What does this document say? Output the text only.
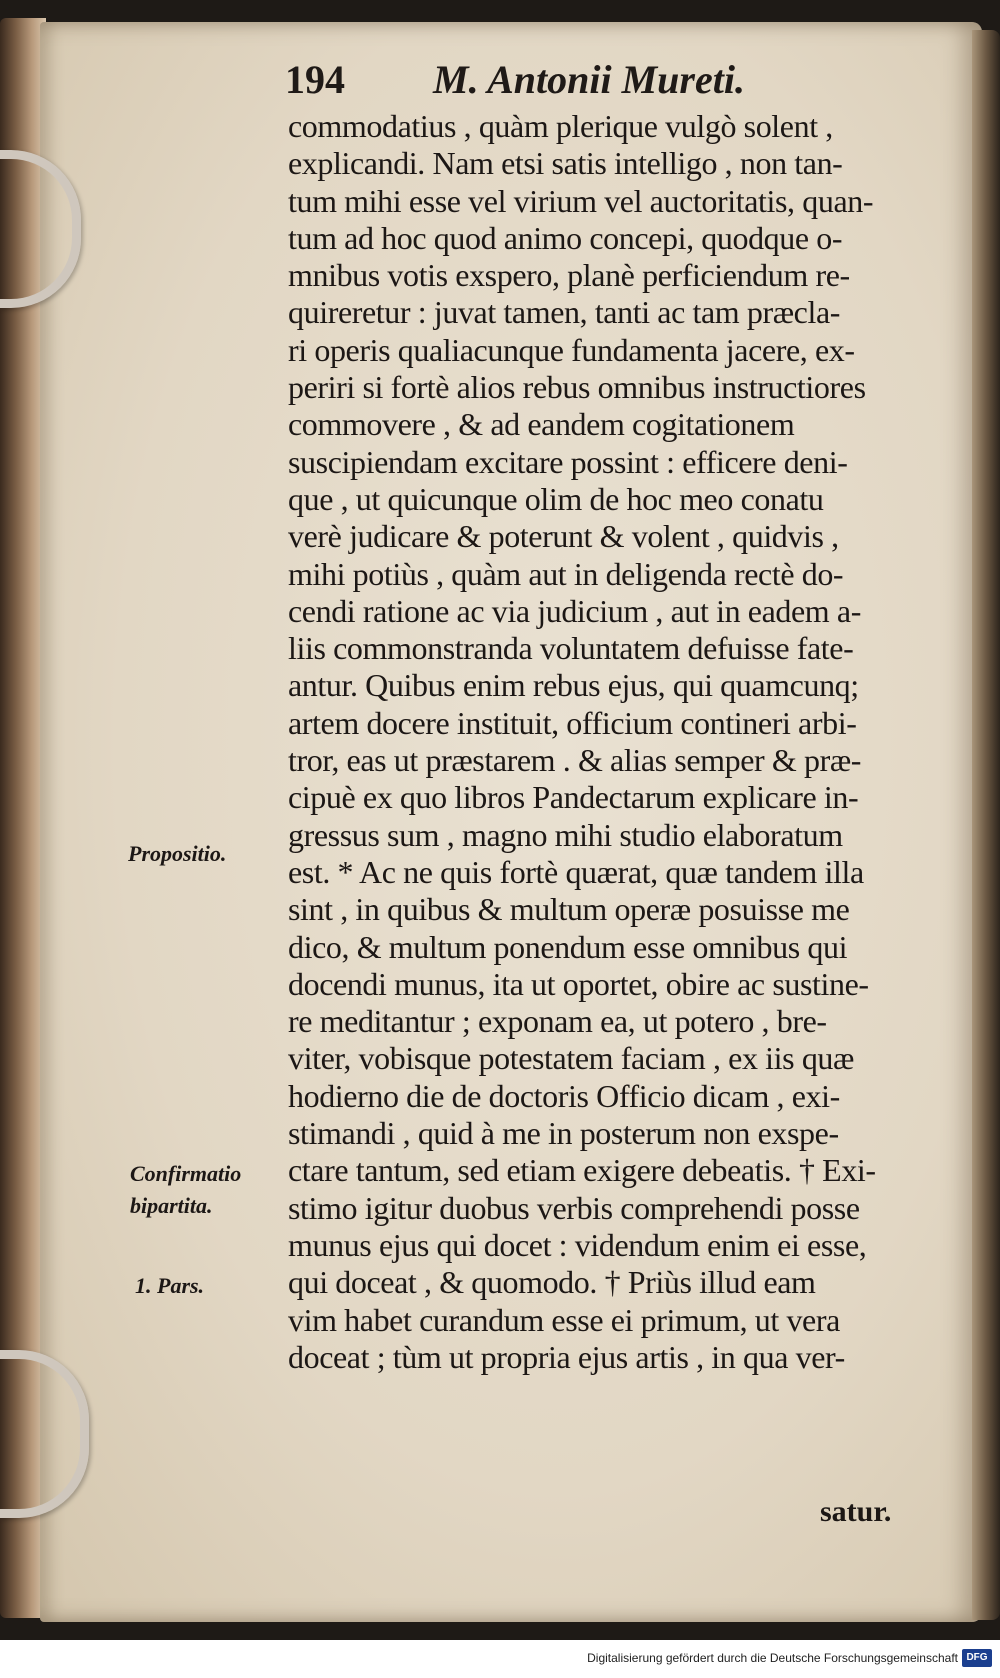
194 M. Antonii Mureti.
commodatius , quàm plerique vulgò solent ,
explicandi. Nam etsi satis intelligo , non tan-
tum mihi esse vel virium vel auctoritatis, quan-
tum ad hoc quod animo concepi, quodque o-
mnibus votis exspero, planè perficiendum re-
quireretur : juvat tamen, tanti ac tam præcla-
ri operis qualiacunque fundamenta jacere, ex-
periri si fortè alios rebus omnibus instructiores
commovere , & ad eandem cogitationem
suscipiendam excitare possint : efficere deni-
que , ut quicunque olim de hoc meo conatu
verè judicare & poterunt & volent , quidvis ,
mihi potiùs , quàm aut in deligenda rectè do-
cendi ratione ac via judicium , aut in eadem a-
liis commonstranda voluntatem defuisse fate-
antur. Quibus enim rebus ejus, qui quamcunq;
artem docere instituit, officium contineri arbi-
tror, eas ut præstarem . & alias semper & præ-
cipuè ex quo libros Pandectarum explicare in-
gressus sum , magno mihi studio elaboratum
est. * Ac ne quis fortè quærat, quæ tandem illa
sint , in quibus & multum operæ posuisse me
dico, & multum ponendum esse omnibus qui
docendi munus, ita ut oportet, obire ac sustine-
re meditantur ; exponam ea, ut potero , bre-
viter, vobisque potestatem faciam , ex iis quæ
hodierno die de doctoris Officio dicam , exi-
stimandi , quid à me in posterum non exspe-
ctare tantum, sed etiam exigere debeatis. † Exi-
stimo igitur duobus verbis comprehendi posse
munus ejus qui docet : videndum enim ei esse,
qui doceat , & quomodo. † Priùs illud eam
vim habet curandum esse ei primum, ut vera
doceat ; tùm ut propria ejus artis , in qua ver-
satur.
Propositio.
Confirmatio
bipartita.
1. Pars.
Digitalisierung gefördert durch die Deutsche Forschungsgemeinschaft DFG
